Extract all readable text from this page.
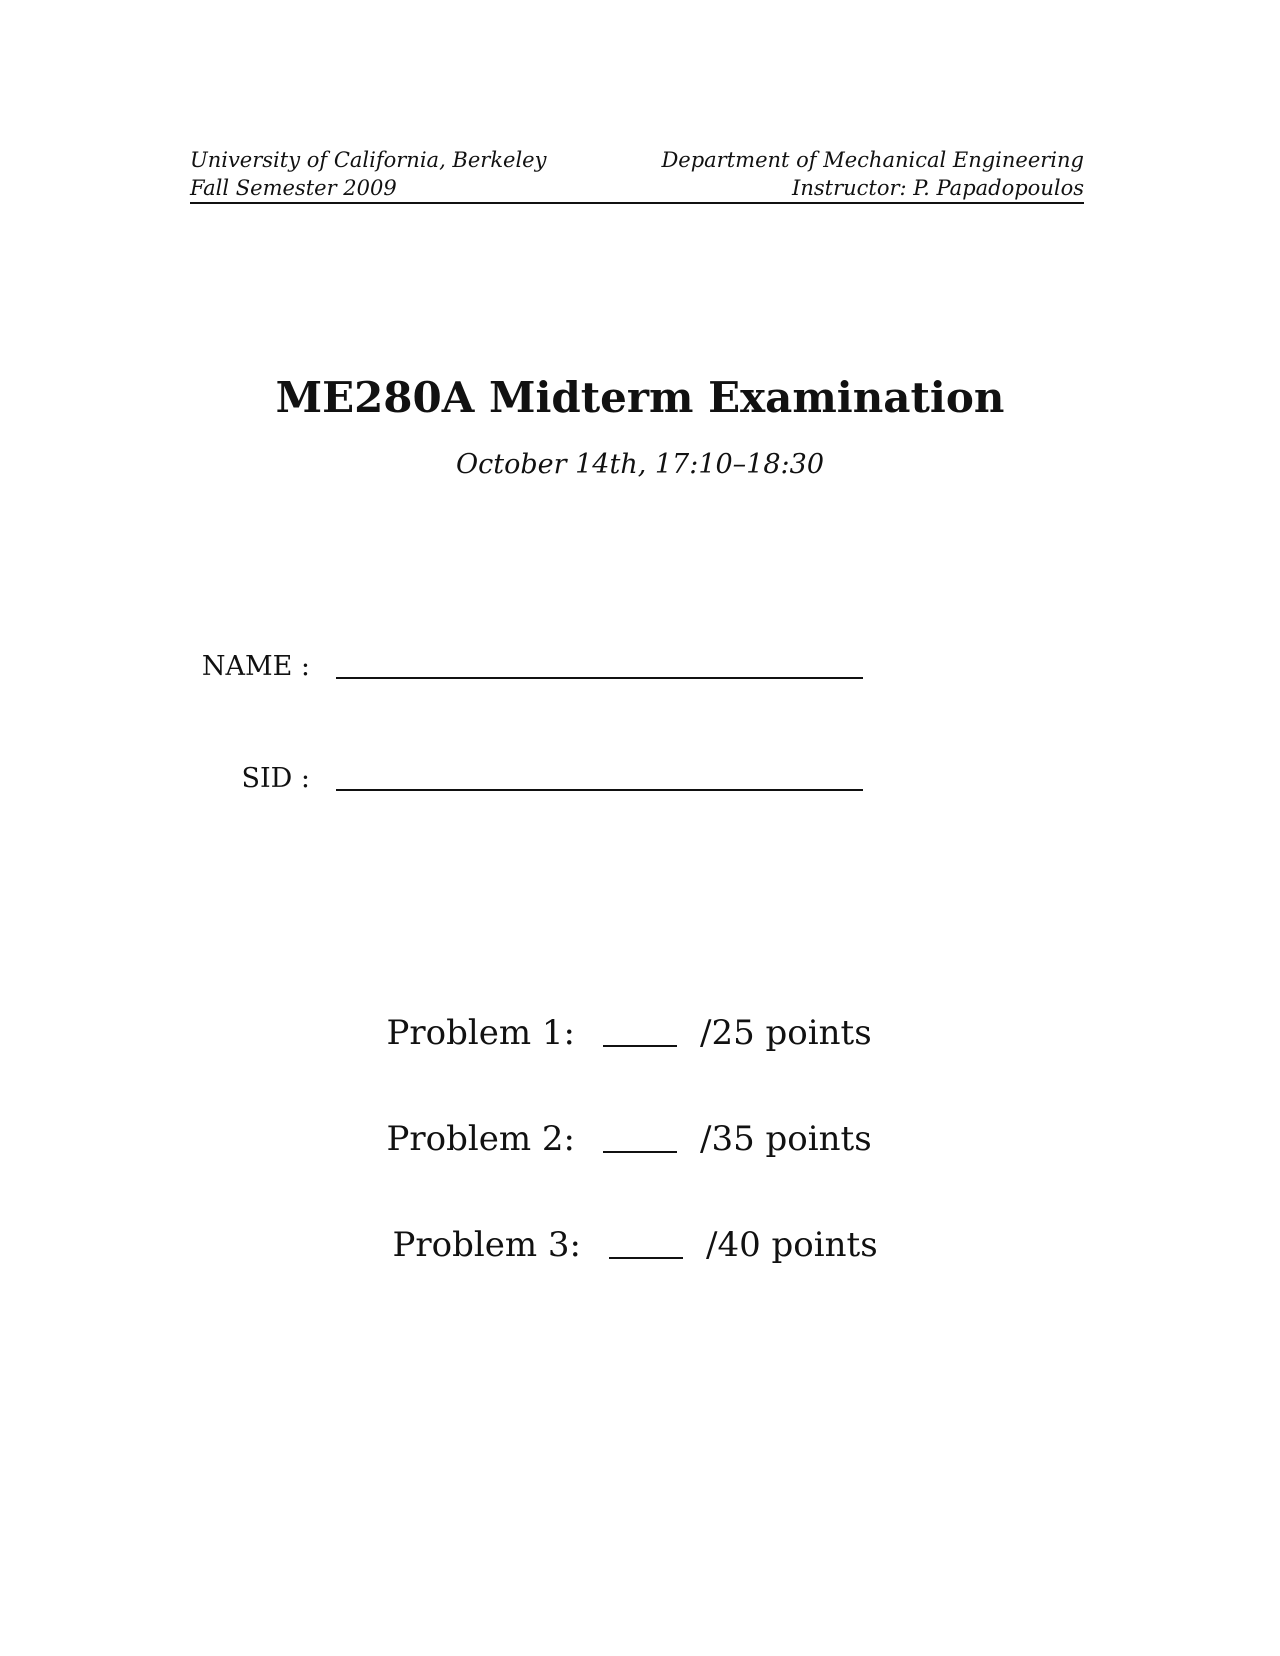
University of California, Berkeley
Fall Semester 2009
Department of Mechanical Engineering
Instructor: P. Papadopoulos
ME280A Midterm Examination
October 14th, 17:10–18:30
NAME :
SID :
Problem 1:	/25 points
Problem 2:	/35 points
Problem 3:	/40 points
